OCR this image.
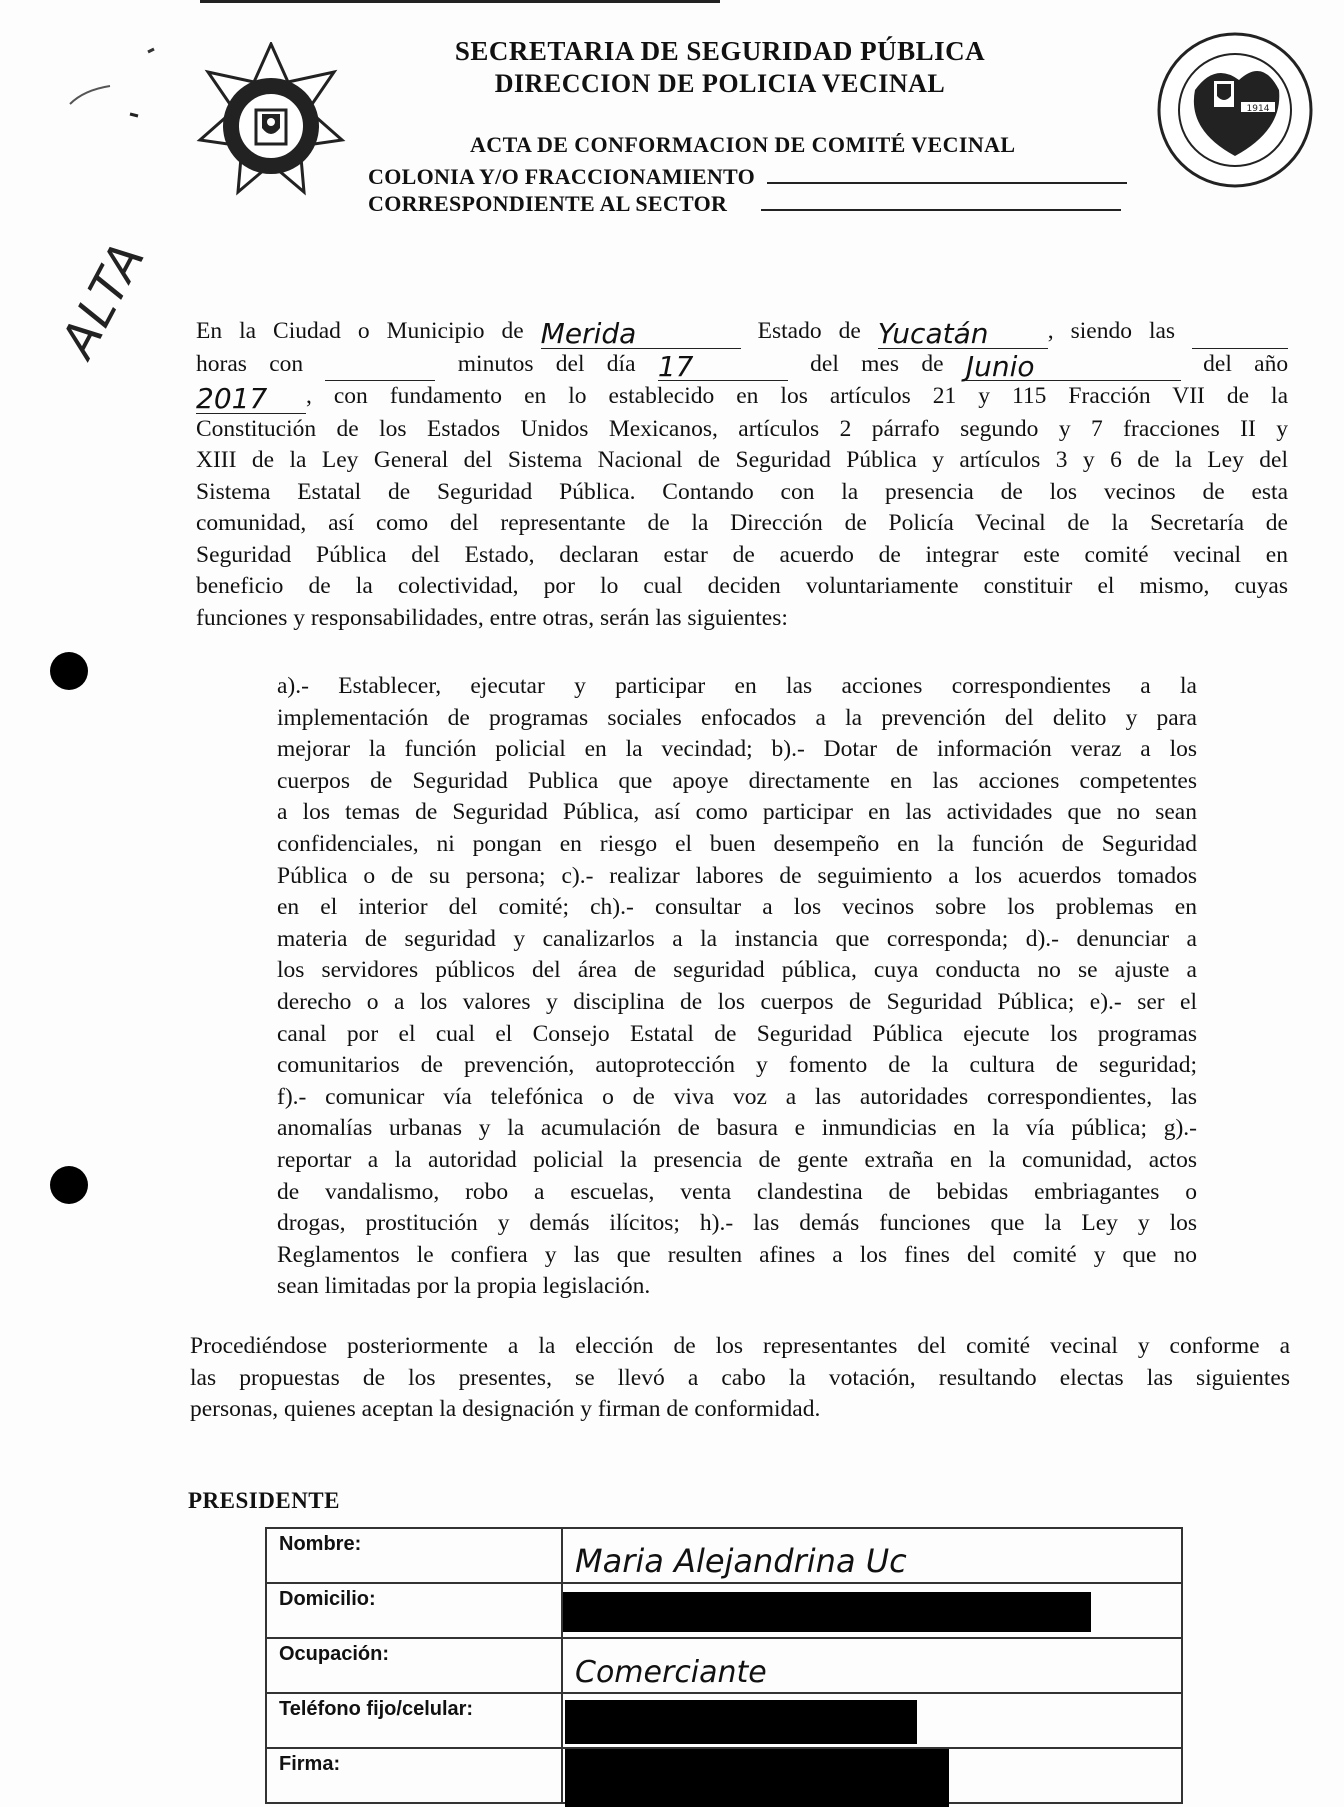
1914
ALTA
SECRETARIA DE SEGURIDAD PÚBLICA
DIRECCION DE POLICIA VECINAL
ACTA DE CONFORMACION DE COMITÉ VECINAL
COLONIA Y/O FRACCIONAMIENTO
CORRESPONDIENTE AL SECTOR
En la Ciudad o Municipio de Merida	Estado de Yucatán	, siendo las
horas con	minutos del día 17	del mes de Junio	del año
2017	, con fundamento en lo establecido en los artículos 21 y 115 Fracción VII de la
Constitución de los Estados Unidos Mexicanos, artículos 2 párrafo segundo y 7 fracciones II y
XIII de la Ley General del Sistema Nacional de Seguridad Pública y artículos 3 y 6 de la Ley del
Sistema Estatal de Seguridad Pública. Contando con la presencia de los vecinos de esta
comunidad, así como del representante de la Dirección de Policía Vecinal de la Secretaría de
Seguridad Pública del Estado, declaran estar de acuerdo de integrar este comité vecinal en
beneficio de la colectividad, por lo cual deciden voluntariamente constituir el mismo, cuyas
funciones y responsabilidades, entre otras, serán las siguientes:
a).- Establecer, ejecutar y participar en las acciones correspondientes a la
implementación de programas sociales enfocados a la prevención del delito y para
mejorar la función policial en la vecindad; b).- Dotar de información veraz a los
cuerpos de Seguridad Publica que apoye directamente en las acciones competentes
a los temas de Seguridad Pública, así como participar en las actividades que no sean
confidenciales, ni pongan en riesgo el buen desempeño en la función de Seguridad
Pública o de su persona; c).- realizar labores de seguimiento a los acuerdos tomados
en el interior del comité; ch).- consultar a los vecinos sobre los problemas en
materia de seguridad y canalizarlos a la instancia que corresponda; d).- denunciar a
los servidores públicos del área de seguridad pública, cuya conducta no se ajuste a
derecho o a los valores y disciplina de los cuerpos de Seguridad Pública; e).- ser el
canal por el cual el Consejo Estatal de Seguridad Pública ejecute los programas
comunitarios de prevención, autoprotección y fomento de la cultura de seguridad;
f).- comunicar vía telefónica o de viva voz a las autoridades correspondientes, las
anomalías urbanas y la acumulación de basura e inmundicias en la vía pública; g).-
reportar a la autoridad policial la presencia de gente extraña en la comunidad, actos
de vandalismo, robo a escuelas, venta clandestina de bebidas embriagantes o
drogas, prostitución y demás ilícitos; h).- las demás funciones que la Ley y los
Reglamentos le confiera y las que resulten afines a los fines del comité y que no
sean limitadas por la propia legislación.
Procediéndose posteriormente a la elección de los representantes del comité vecinal y conforme a
las propuestas de los presentes, se llevó a cabo la votación, resultando electas las siguientes
personas, quienes aceptan la designación y firman de conformidad.
PRESIDENTE
Nombre:	Maria Alejandrina Uc

Domicilio:	

Ocupación:	Comerciante

Teléfono fijo/celular:	

Firma:	
